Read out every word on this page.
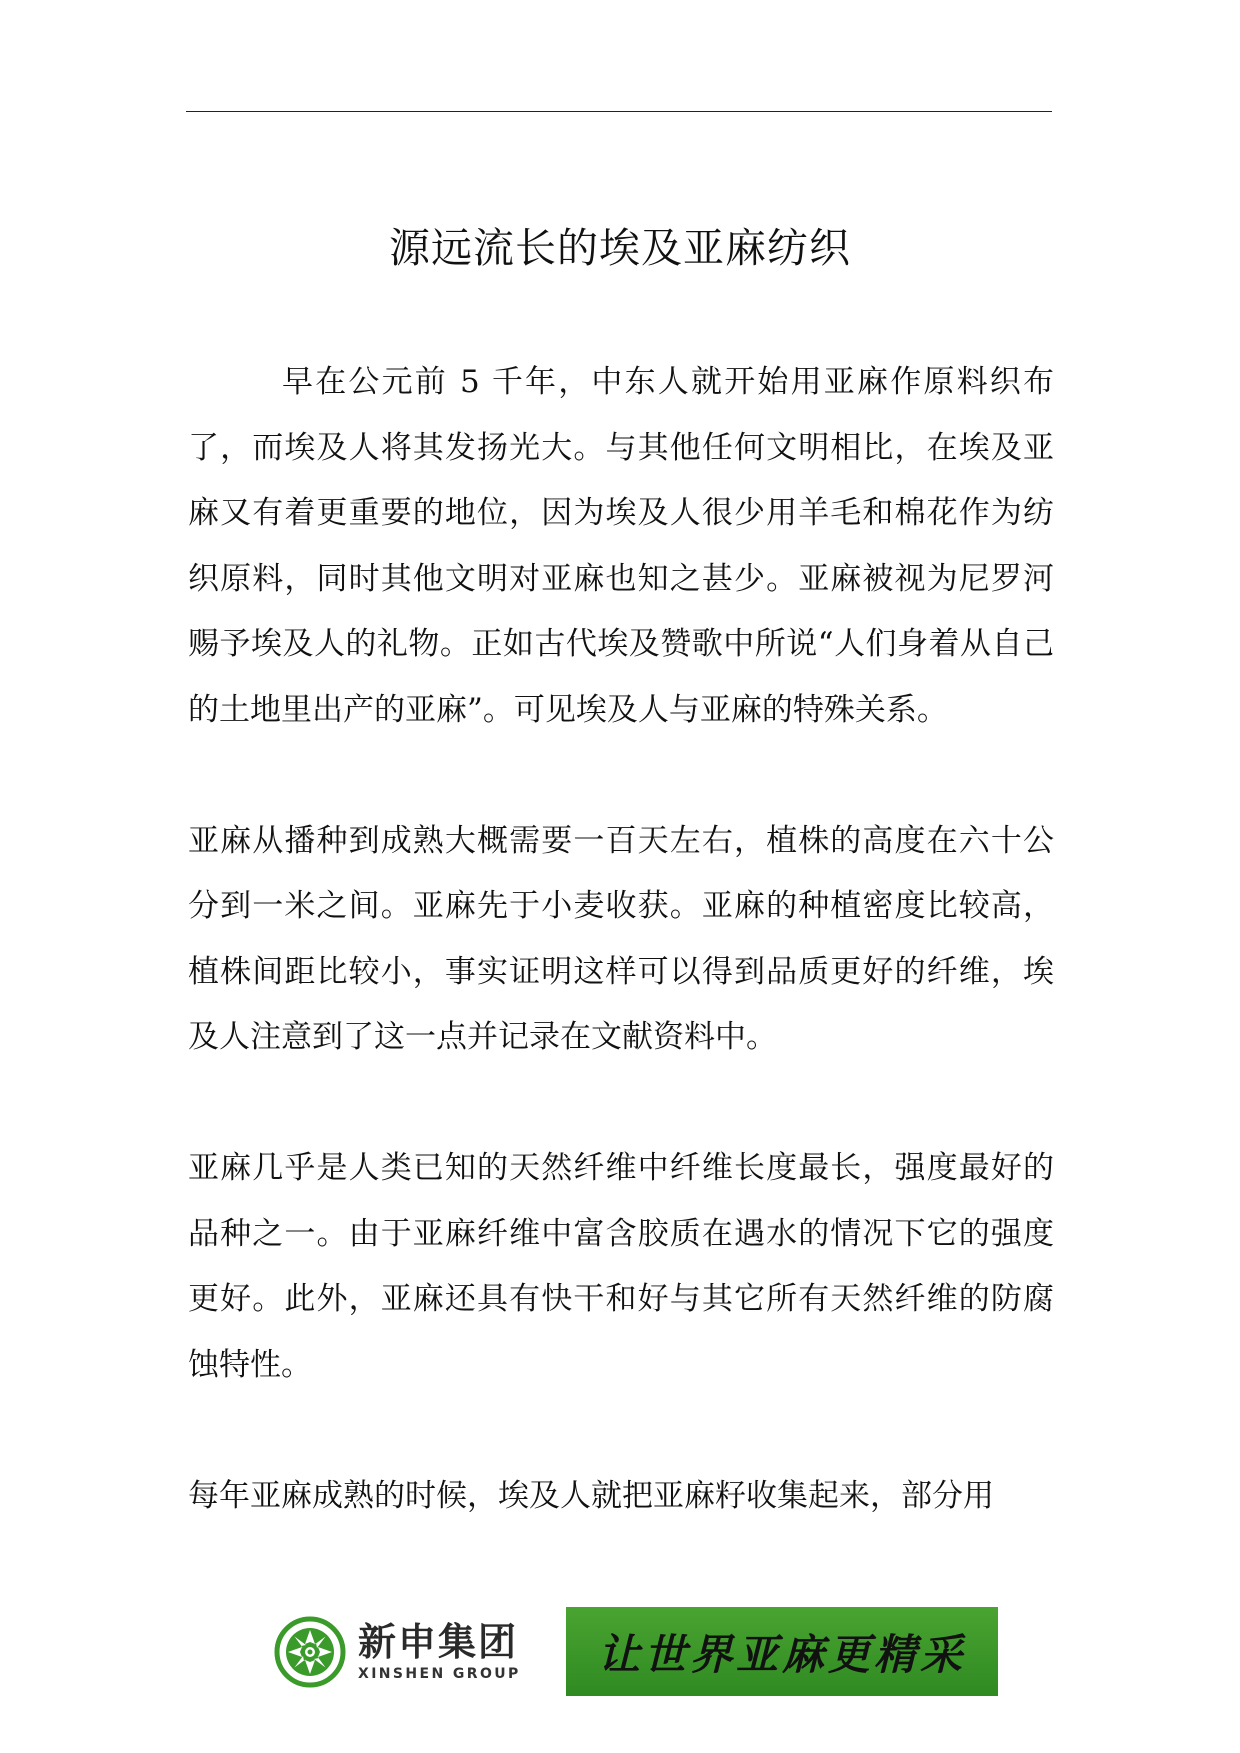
源远流长的埃及亚麻纺织

早在公元前 5 千年，中东人就开始用亚麻作原料织布了，而埃及人将其发扬光大。与其他任何文明相比，在埃及亚麻又有着更重要的地位，因为埃及人很少用羊毛和棉花作为纺织原料，同时其他文明对亚麻也知之甚少。亚麻被视为尼罗河赐予埃及人的礼物。正如古代埃及赞歌中所说“人们身着从自己的土地里出产的亚麻”。可见埃及人与亚麻的特殊关系。

亚麻从播种到成熟大概需要一百天左右，植株的高度在六十公分到一米之间。亚麻先于小麦收获。亚麻的种植密度比较高，植株间距比较小，事实证明这样可以得到品质更好的纤维，埃及人注意到了这一点并记录在文献资料中。

亚麻几乎是人类已知的天然纤维中纤维长度最长，强度最好的品种之一。由于亚麻纤维中富含胶质在遇水的情况下它的强度更好。此外，亚麻还具有快干和好与其它所有天然纤维的防腐蚀特性。

每年亚麻成熟的时候，埃及人就把亚麻籽收集起来，部分用

新申集团
XINSHEN GROUP 让世界亚麻更精采
